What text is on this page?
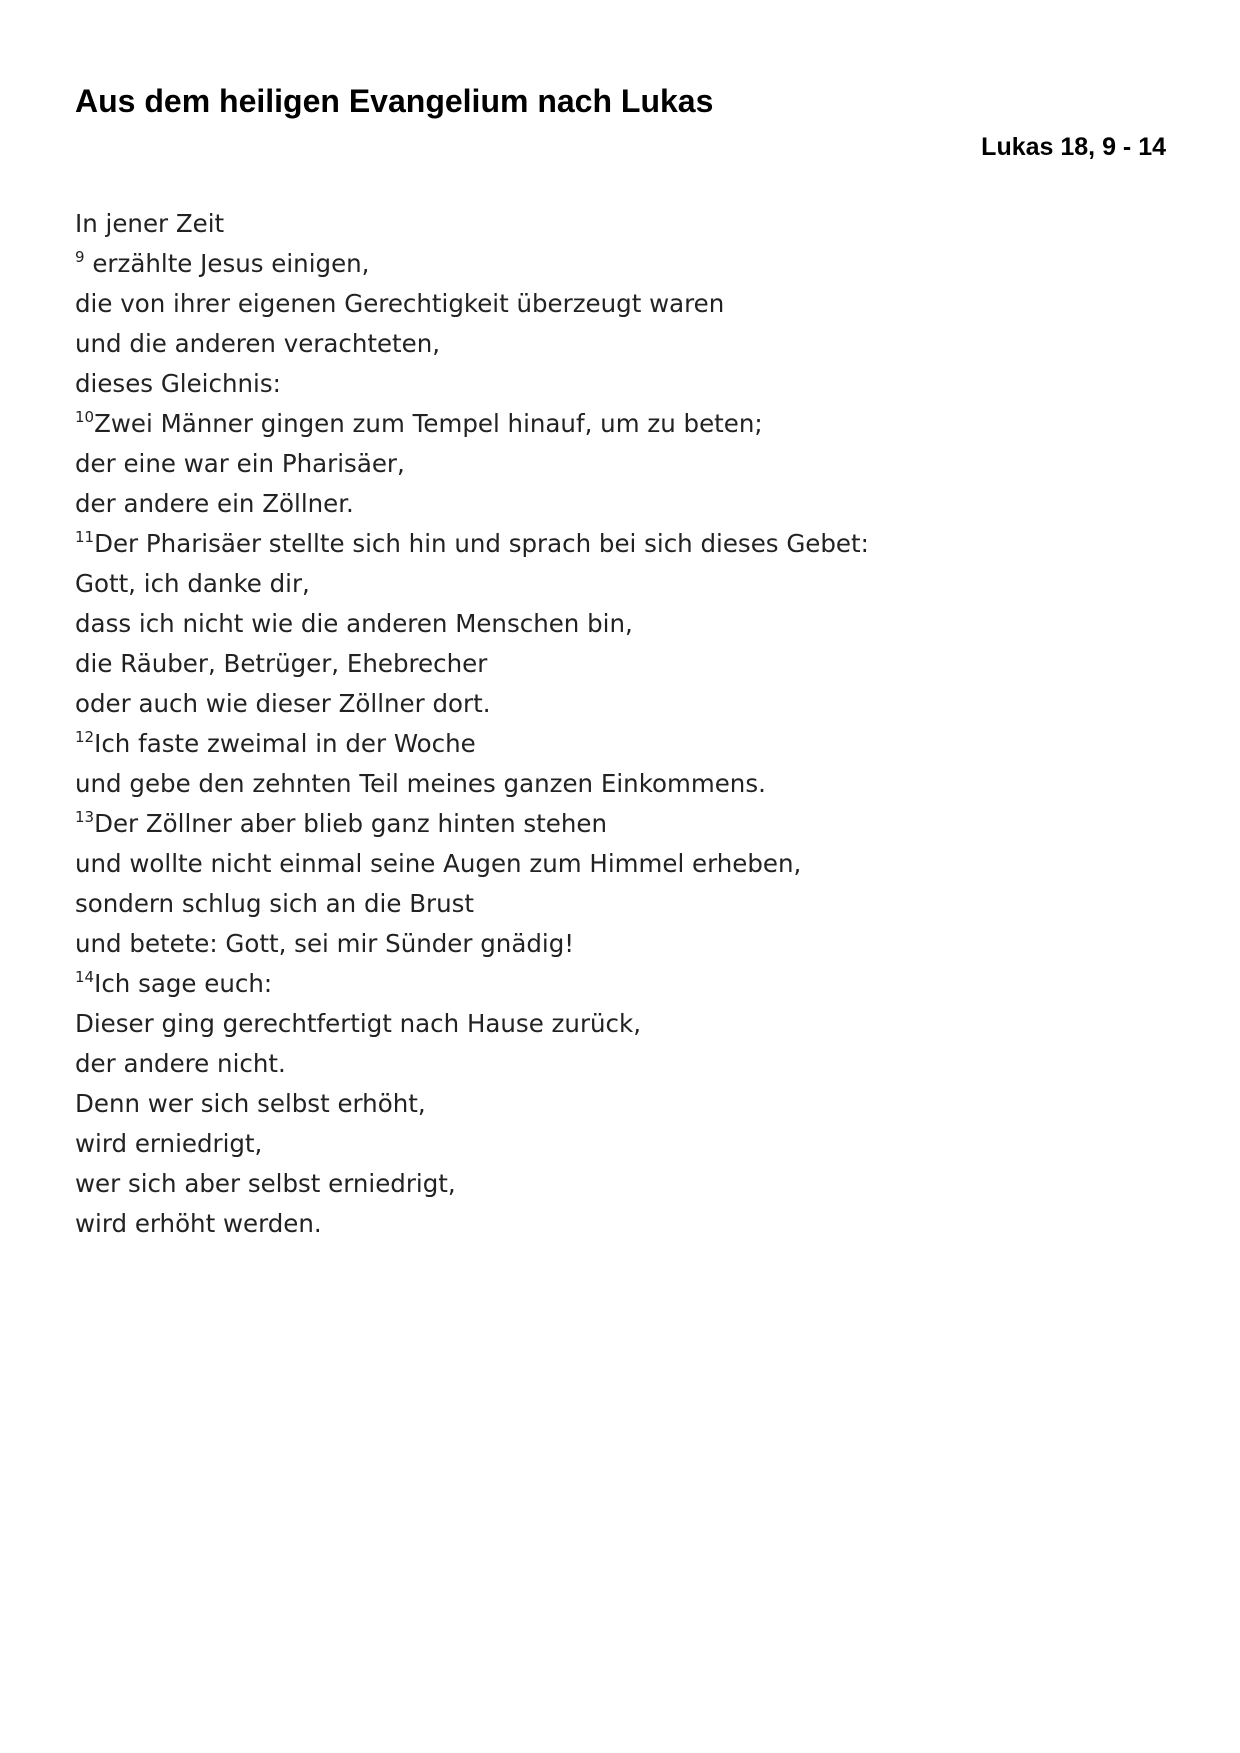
Aus dem heiligen Evangelium nach Lukas
Lukas 18, 9 - 14
In jener Zeit
$^9$ erzählte Jesus einigen,
die von ihrer eigenen Gerechtigkeit überzeugt waren
und die anderen verachteten,
dieses Gleichnis:
$^{10}$Zwei Männer gingen zum Tempel hinauf, um zu beten;
der eine war ein Pharisäer,
der andere ein Zöllner.
$^{11}$Der Pharisäer stellte sich hin und sprach bei sich dieses Gebet:
Gott, ich danke dir,
dass ich nicht wie die anderen Menschen bin,
die Räuber, Betrüger, Ehebrecher
oder auch wie dieser Zöllner dort.
$^{12}$Ich faste zweimal in der Woche
und gebe den zehnten Teil meines ganzen Einkommens.
$^{13}$Der Zöllner aber blieb ganz hinten stehen
und wollte nicht einmal seine Augen zum Himmel erheben,
sondern schlug sich an die Brust
und betete: Gott, sei mir Sünder gnädig!
$^{14}$Ich sage euch:
Dieser ging gerechtfertigt nach Hause zurück,
der andere nicht.
Denn wer sich selbst erhöht,
wird erniedrigt,
wer sich aber selbst erniedrigt,
wird erhöht werden.
